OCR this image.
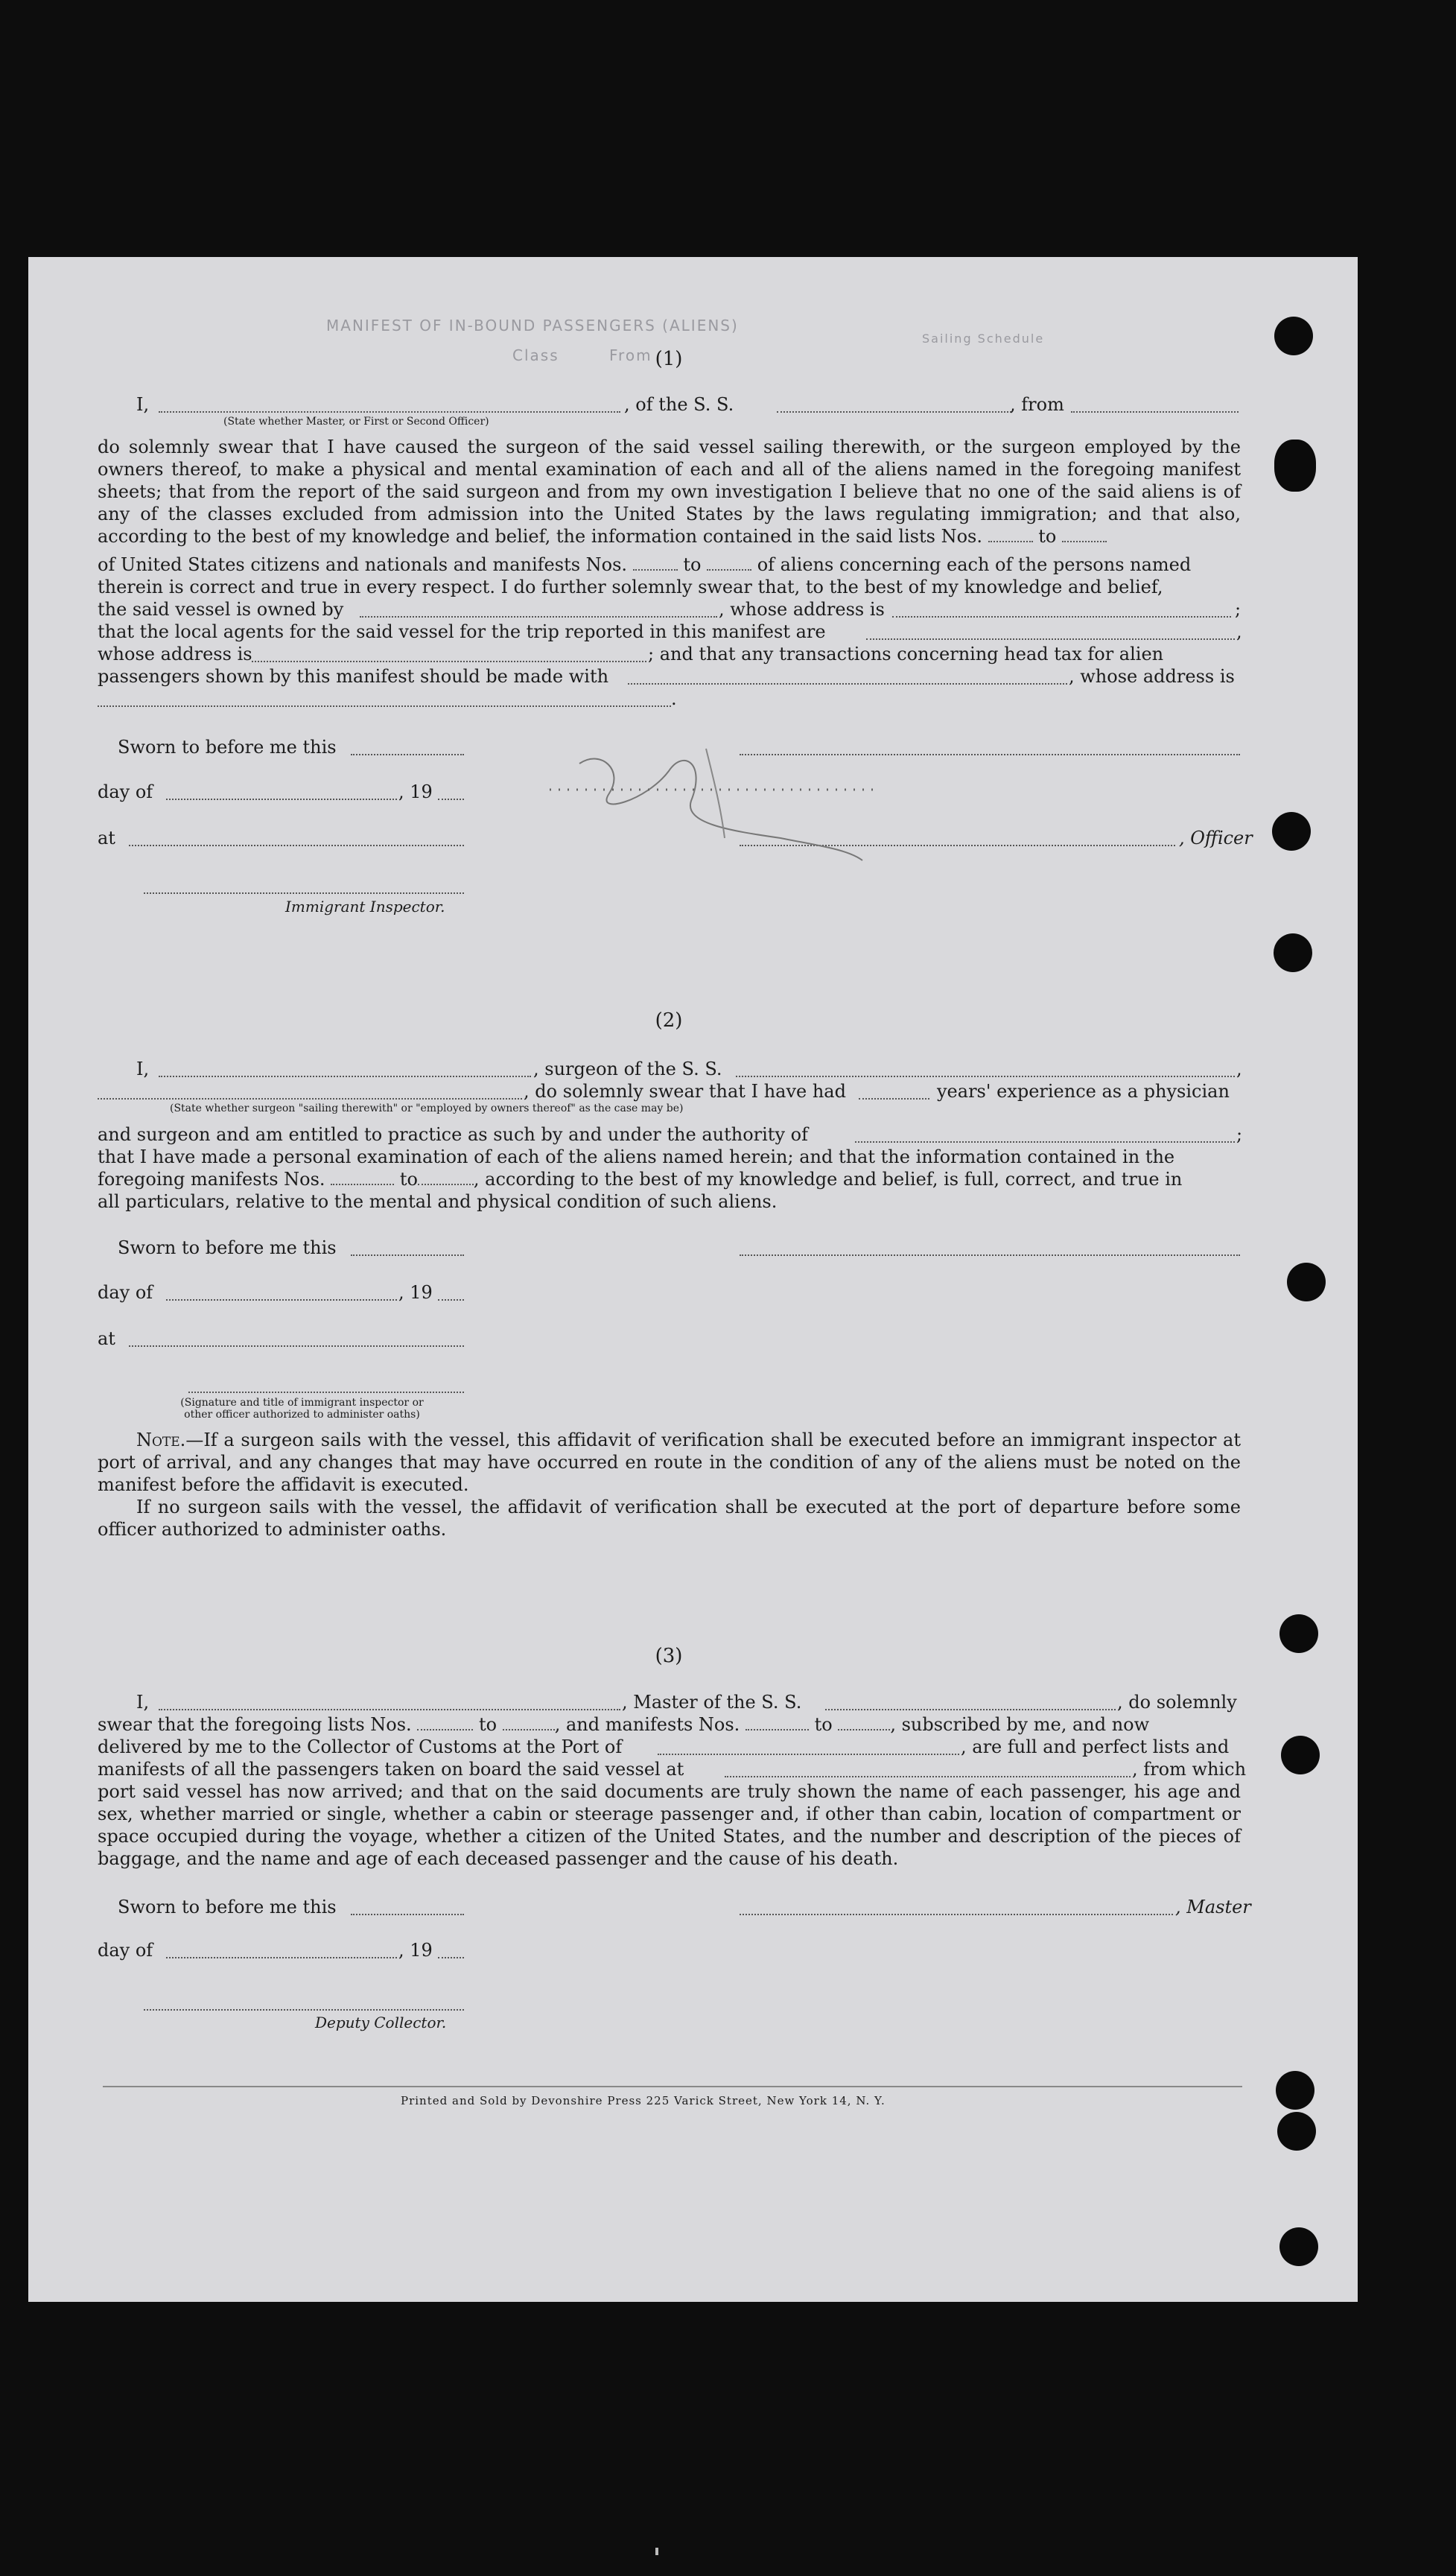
MANIFEST OF IN-BOUND PASSENGERS (ALIENS)
Class	From
Sailing Schedule
(1)
I,	, of the S. S.	, from
(State whether Master, or First or Second Officer)
do solemnly swear that I have caused the surgeon of the said vessel sailing therewith, or the surgeon employed by the owners thereof, to make a physical and mental examination of each and all of the aliens named in the foregoing manifest sheets; that from the report of the said surgeon and from my own investigation I believe that no one of the said aliens is of any of the classes excluded from admission into the United States by the laws regulating immigration; and that also, according to the best of my knowledge and belief, the information contained in the said lists Nos.	to
of United States citizens and nationals and manifests Nos.	to	of aliens concerning each of the persons named
therein is correct and true in every respect. I do further solemnly swear that, to the best of my knowledge and belief,
the said vessel is owned by	, whose address is	;
that the local agents for the said vessel for the trip reported in this manifest are	,
whose address is	; and that any transactions concerning head tax for alien
passengers shown by this manifest should be made with	, whose address is
.
Sworn to before me this
day of	, 19
at	, Officer
Immigrant Inspector.
(2)
I,	, surgeon of the S. S.	,
, do solemnly swear that I have had	years' experience as a physician
(State whether surgeon "sailing therewith" or "employed by owners thereof" as the case may be)
and surgeon and am entitled to practice as such by and under the authority of	;
that I have made a personal examination of each of the aliens named herein; and that the information contained in the
foregoing manifests Nos.	to	, according to the best of my knowledge and belief, is full, correct, and true in
all particulars, relative to the mental and physical condition of such aliens.
Sworn to before me this
day of	, 19
at
(Signature and title of immigrant inspector or other officer authorized to administer oaths)
Note.—If a surgeon sails with the vessel, this affidavit of verification shall be executed before an immigrant inspector at port of arrival, and any changes that may have occurred en route in the condition of any of the aliens must be noted on the manifest before the affidavit is executed.
If no surgeon sails with the vessel, the affidavit of verification shall be executed at the port of departure before some officer authorized to administer oaths.
(3)
I,	, Master of the S. S.	, do solemnly
swear that the foregoing lists Nos.	to	, and manifests Nos.	to	, subscribed by me, and now
delivered by me to the Collector of Customs at the Port of	, are full and perfect lists and
manifests of all the passengers taken on board the said vessel at	, from which
port said vessel has now arrived; and that on the said documents are truly shown the name of each passenger, his age and sex, whether married or single, whether a cabin or steerage passenger and, if other than cabin, location of compartment or space occupied during the voyage, whether a citizen of the United States, and the number and description of the pieces of baggage, and the name and age of each deceased passenger and the cause of his death.
Sworn to before me this	, Master
day of	, 19
Deputy Collector.
Printed and Sold by Devonshire Press 225 Varick Street, New York 14, N. Y.
